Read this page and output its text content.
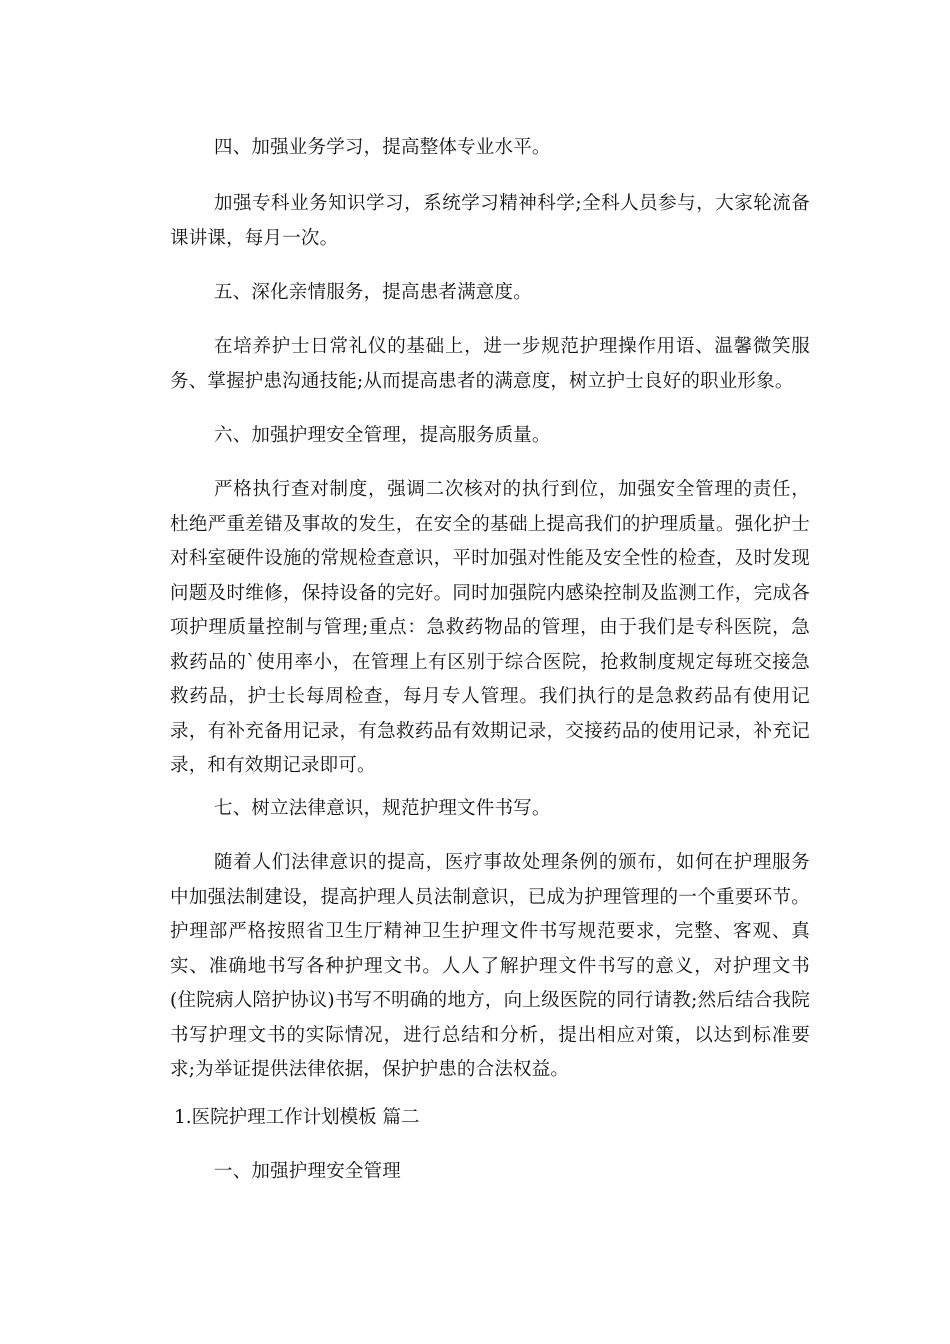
四、加强业务学习，提高整体专业水平。

加强专科业务知识学习，系统学习精神科学;全科人员参与，大家轮流备课讲课，每月一次。

五、深化亲情服务，提高患者满意度。

在培养护士日常礼仪的基础上，进一步规范护理操作用语、温馨微笑服务、掌握护患沟通技能;从而提高患者的满意度，树立护士良好的职业形象。

六、加强护理安全管理，提高服务质量。

严格执行查对制度，强调二次核对的执行到位，加强安全管理的责任，杜绝严重差错及事故的发生，在安全的基础上提高我们的护理质量。强化护士对科室硬件设施的常规检查意识，平时加强对性能及安全性的检查，及时发现问题及时维修，保持设备的完好。同时加强院内感染控制及监测工作，完成各项护理质量控制与管理;重点：急救药物品的管理，由于我们是专科医院，急救药品的`使用率小，在管理上有区别于综合医院，抢救制度规定每班交接急救药品，护士长每周检查，每月专人管理。我们执行的是急救药品有使用记录，有补充备用记录，有急救药品有效期记录，交接药品的使用记录，补充记录，和有效期记录即可。

七、树立法律意识，规范护理文件书写。

随着人们法律意识的提高，医疗事故处理条例的颁布，如何在护理服务中加强法制建设，提高护理人员法制意识，已成为护理管理的一个重要环节。护理部严格按照省卫生厅精神卫生护理文件书写规范要求，完整、客观、真实、准确地书写各种护理文书。人人了解护理文件书写的意义，对护理文书(住院病人陪护协议)书写不明确的地方，向上级医院的同行请教;然后结合我院书写护理文书的实际情况，进行总结和分析，提出相应对策，以达到标准要求;为举证提供法律依据，保护护患的合法权益。

1.医院护理工作计划模板 篇二

一、加强护理安全管理
